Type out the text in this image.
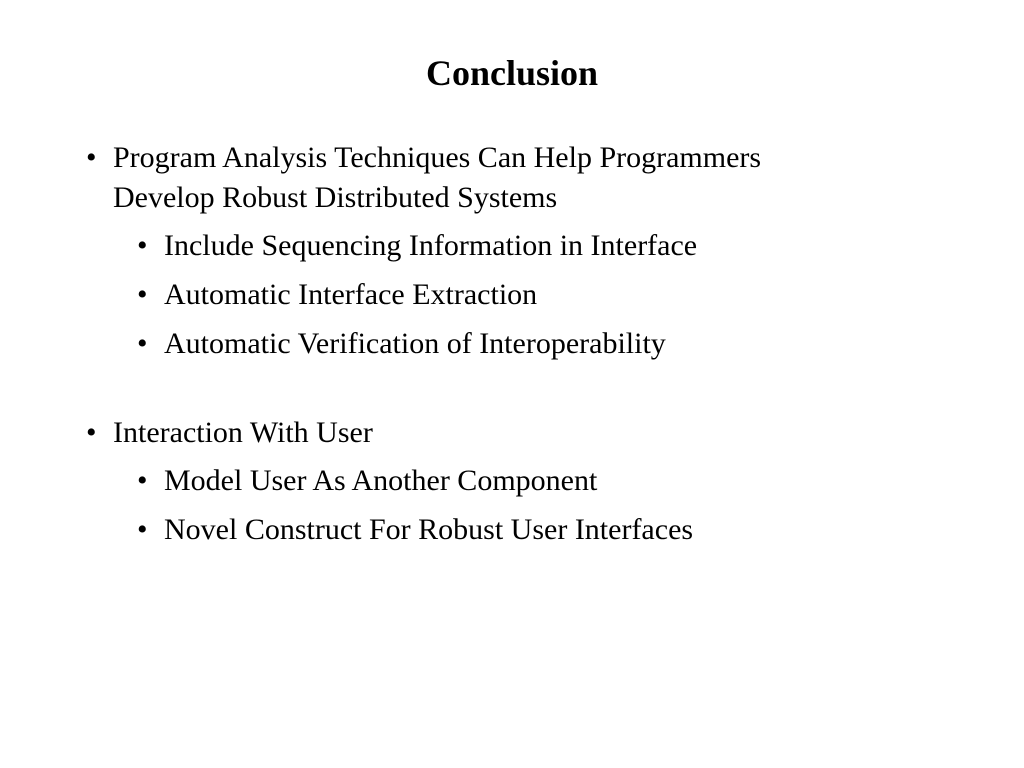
Conclusion
• Program Analysis Techniques Can Help Programmers
Develop Robust Distributed Systems
• Include Sequencing Information in Interface
• Automatic Interface Extraction
• Automatic Verification of Interoperability
• Interaction With User
• Model User As Another Component
• Novel Construct For Robust User Interfaces
